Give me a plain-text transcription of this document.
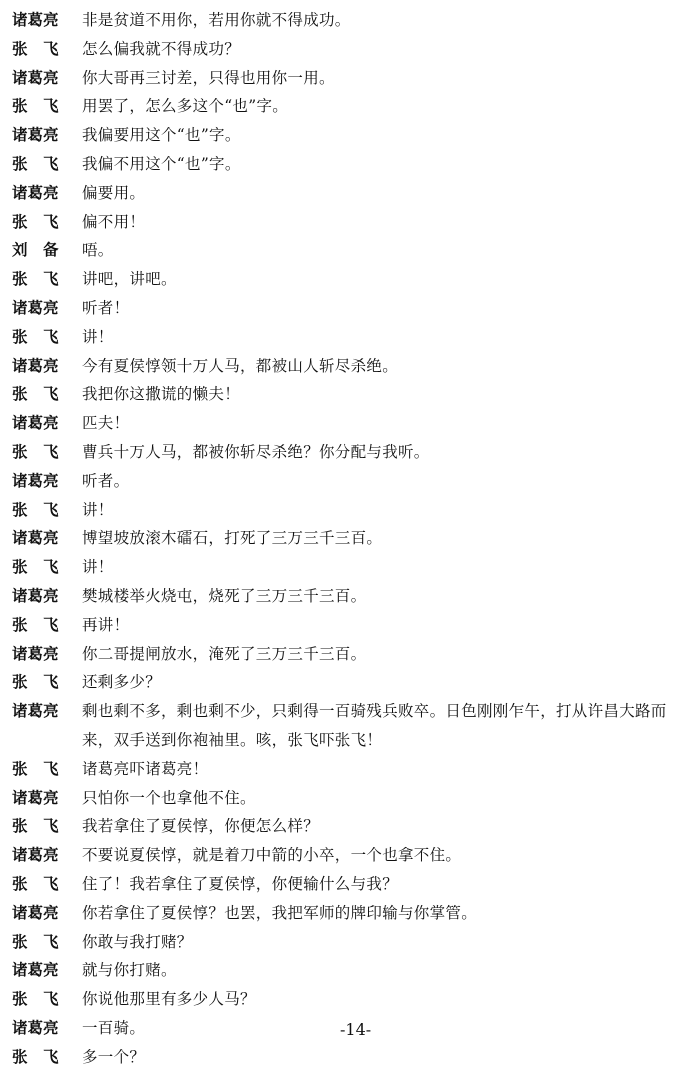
诸葛亮	非是贫道不用你，若用你就不得成功。
张　飞	怎么偏我就不得成功？
诸葛亮	你大哥再三讨差，只得也用你一用。
张　飞	用罢了，怎么多这个“也”字。
诸葛亮	我偏要用这个“也”字。
张　飞	我偏不用这个“也”字。
诸葛亮	偏要用。
张　飞	偏不用！
刘　备	唔。
张　飞	讲吧，讲吧。
诸葛亮	听者！
张　飞	讲！
诸葛亮	今有夏侯惇领十万人马，都被山人斩尽杀绝。
张　飞	我把你这撒谎的懒夫！
诸葛亮	匹夫！
张　飞	曹兵十万人马，都被你斩尽杀绝？你分配与我听。
诸葛亮	听者。
张　飞	讲！
诸葛亮	博望坡放滚木礌石，打死了三万三千三百。
张　飞	讲！
诸葛亮	樊城楼举火烧屯，烧死了三万三千三百。
张　飞	再讲！
诸葛亮	你二哥提闸放水，淹死了三万三千三百。
张　飞	还剩多少？
诸葛亮	剩也剩不多，剩也剩不少，只剩得一百骑残兵败卒。日色刚刚乍午，打从许昌大路而来，双手送到你袍袖里。咳，张飞吓张飞！
张　飞	诸葛亮吓诸葛亮！
诸葛亮	只怕你一个也拿他不住。
张　飞	我若拿住了夏侯惇，你便怎么样？
诸葛亮	不要说夏侯惇，就是着刀中箭的小卒，一个也拿不住。
张　飞	住了！我若拿住了夏侯惇，你便输什么与我？
诸葛亮	你若拿住了夏侯惇？也罢，我把军师的牌印输与你掌管。
张　飞	你敢与我打赌？
诸葛亮	就与你打赌。
张　飞	你说他那里有多少人马？
诸葛亮	一百骑。
张　飞	多一个？
-14-
